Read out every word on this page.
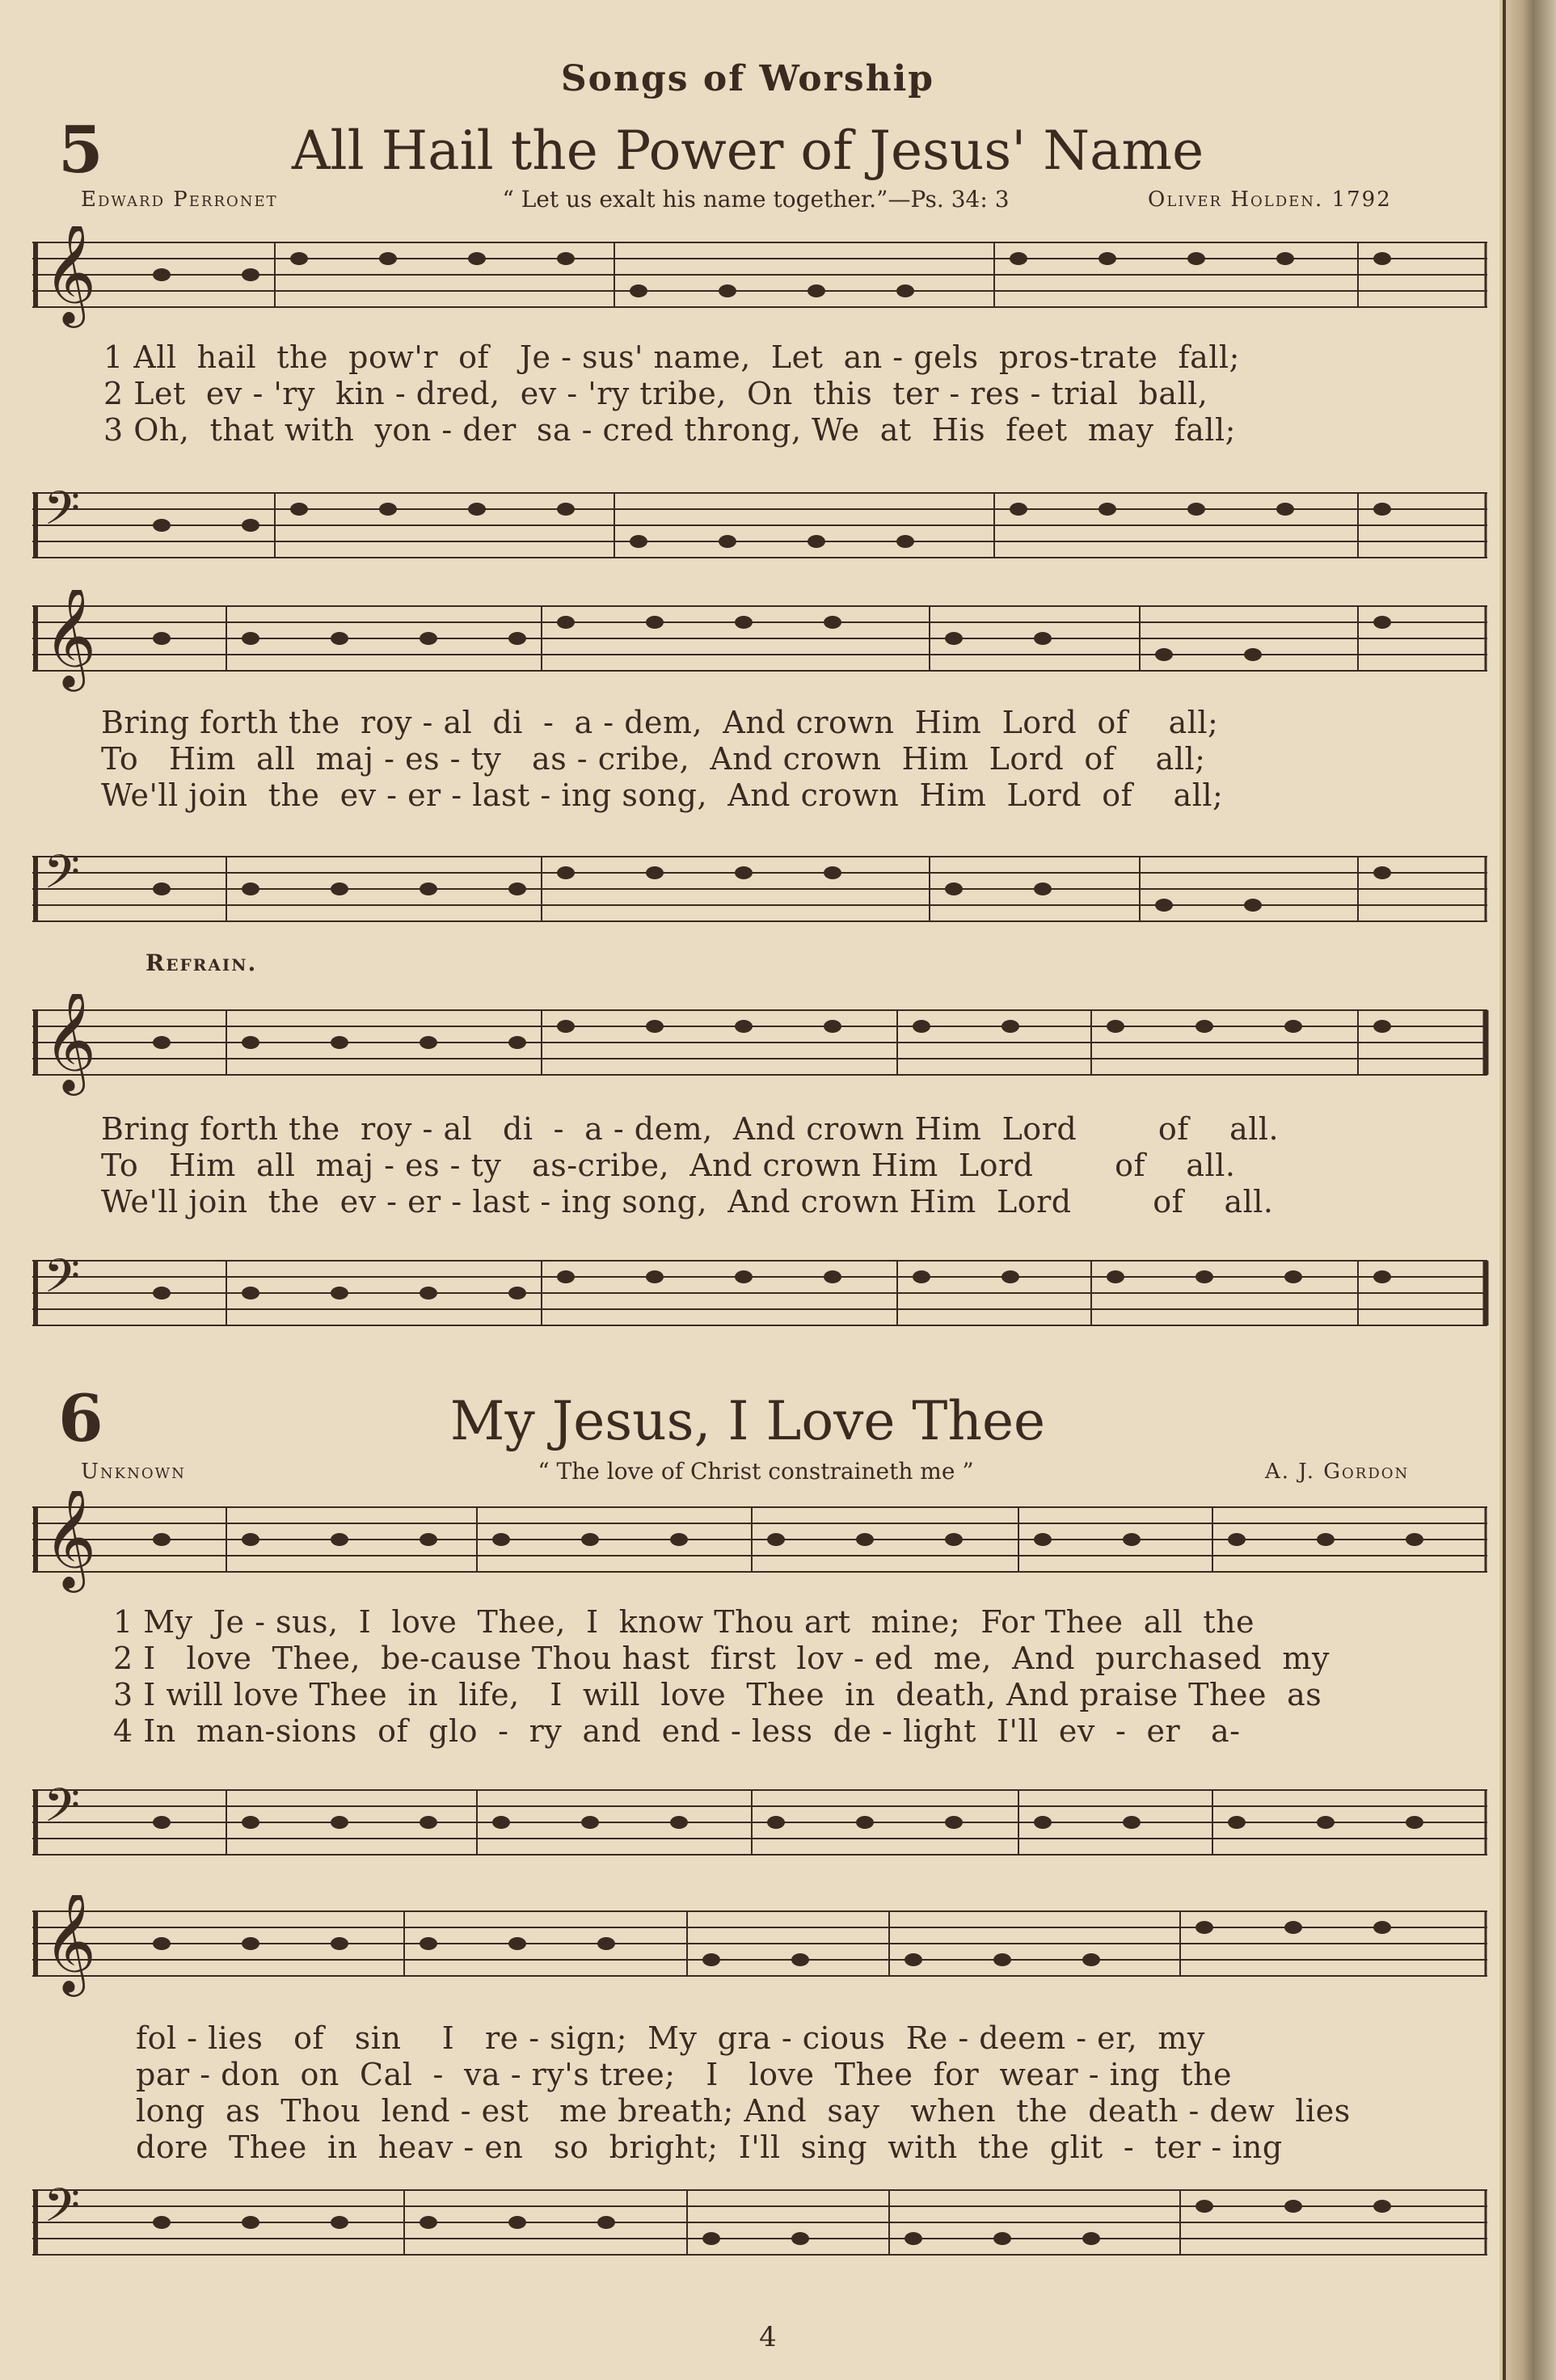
Songs of Worship
5	All Hail the Power of Jesus' Name
Edward Perronet	“ Let us exalt his name together.”—Ps. 34: 3	Oliver Holden. 1792
𝄞
𝄢
𝄞
𝄢
Refrain.
𝄞
𝄢
1 All  hail  the  pow'r  of   Je - sus' name,  Let  an - gels  pros-trate  fall;
2 Let  ev - 'ry  kin - dred,  ev - 'ry tribe,  On  this  ter - res - trial  ball,
3 Oh,  that with  yon - der  sa - cred throng, We  at  His  feet  may  fall;
Bring forth the  roy - al  di  -  a - dem,  And crown  Him  Lord  of    all;
To   Him  all  maj - es - ty   as - cribe,  And crown  Him  Lord  of    all;
We'll join  the  ev - er - last - ing song,  And crown  Him  Lord  of    all;
Bring forth the  roy - al   di  -  a - dem,  And crown Him  Lord        of    all.
To   Him  all  maj - es - ty   as-cribe,  And crown Him  Lord        of    all.
We'll join  the  ev - er - last - ing song,  And crown Him  Lord        of    all.
6	My Jesus, I Love Thee
Unknown	“ The love of Christ constraineth me ”	A. J. Gordon
𝄞
𝄢
𝄞
𝄢
1 My  Je - sus,  I  love  Thee,  I  know Thou art  mine;  For Thee  all  the
2 I   love  Thee,  be-cause Thou hast  first  lov - ed  me,  And  purchased  my
3 I will love Thee  in  life,   I  will  love  Thee  in  death, And praise Thee  as
4 In  man-sions  of  glo  -  ry  and  end - less  de - light  I'll  ev  -  er   a-
fol - lies   of   sin    I   re - sign;  My  gra - cious  Re - deem - er,  my
par - don  on  Cal  -  va - ry's tree;   I   love  Thee  for  wear - ing  the
long  as  Thou  lend - est   me breath; And  say   when  the  death - dew  lies
dore  Thee  in  heav - en   so  bright;  I'll  sing  with  the  glit  -  ter - ing
4
